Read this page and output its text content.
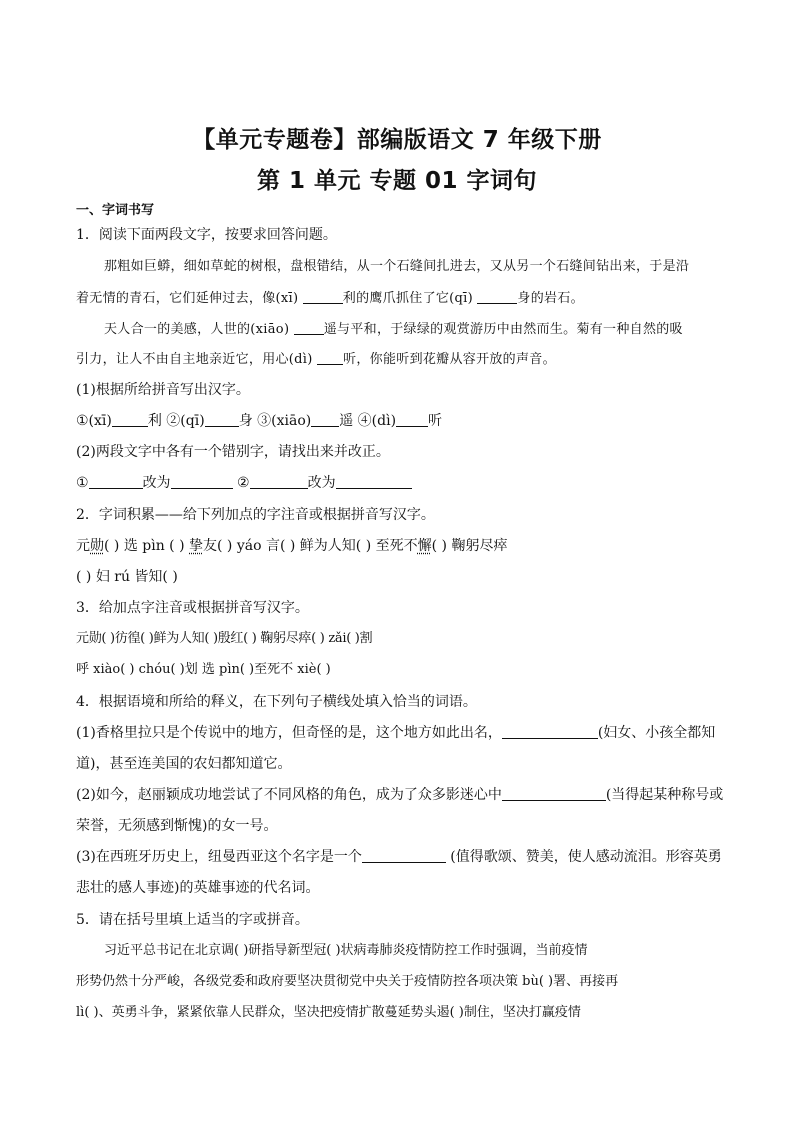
【单元专题卷】部编版语文 7 年级下册
第 1 单元 专题 01 字词句

一、字词书写

1．阅读下面两段文字，按要求回答问题。

那粗如巨蟒，细如草蛇的树根，盘根错结，从一个石缝间扎进去，又从另一个石缝间钻出来，于是沿

着无情的青石，它们延伸过去，像(xī)	利的鹰爪抓住了它(qī)	身的岩石。

天人合一的美感，人世的(xiāo) 遥与平和，于绿绿的观赏游历中由然而生。菊有一种自然的吸

引力，让人不由自主地亲近它，用心(dì) 听，你能听到花瓣从容开放的声音。

(1)根据所给拼音写出汉字。

①(xī)	利 ②(qī) 身 ③(xiāo) 遥 ④(dì) 听

(2)两段文字中各有一个错别字，请找出来并改正。

①	改为	②	改为

2．字词积累——给下列加点的字注音或根据拼音写汉字。

元勋( ) 选 pìn ( ) 挚友( ) yáo 言( ) 鲜为人知( ) 至死不懈( ) 鞠躬尽瘁

( ) 妇 rú 皆知( )

3．给加点字注音或根据拼音写汉字。

元勋( )彷徨( )鲜为人知( )殷红( ) 鞠躬尽瘁( ) zǎi( )割

呼 xiào( ) chóu( )划 选 pìn( )至死不 xiè( )

4．根据语境和所给的释义，在下列句子横线处填入恰当的词语。

(1)香格里拉只是个传说中的地方，但奇怪的是，这个地方如此出名，	(妇女、小孩全都知

道)，甚至连美国的农妇都知道它。

(2)如今，赵丽颖成功地尝试了不同风格的角色，成为了众多影迷心中	(当得起某种称号或

荣誉，无须感到惭愧)的女一号。

(3)在西班牙历史上，纽曼西亚这个名字是一个	(值得歌颂、赞美，使人感动流泪。形容英勇

悲壮的感人事迹)的英雄事迹的代名词。

5．请在括号里填上适当的字或拼音。

习近平总书记在北京调( )研指导新型冠( )状病毒肺炎疫情防控工作时强调，当前疫情

形势仍然十分严峻，各级党委和政府要坚决贯彻党中央关于疫情防控各项决策 bù( )署、再接再

lì( )、英勇斗争，紧紧依靠人民群众，坚决把疫情扩散蔓延势头遏( )制住，坚决打赢疫情
